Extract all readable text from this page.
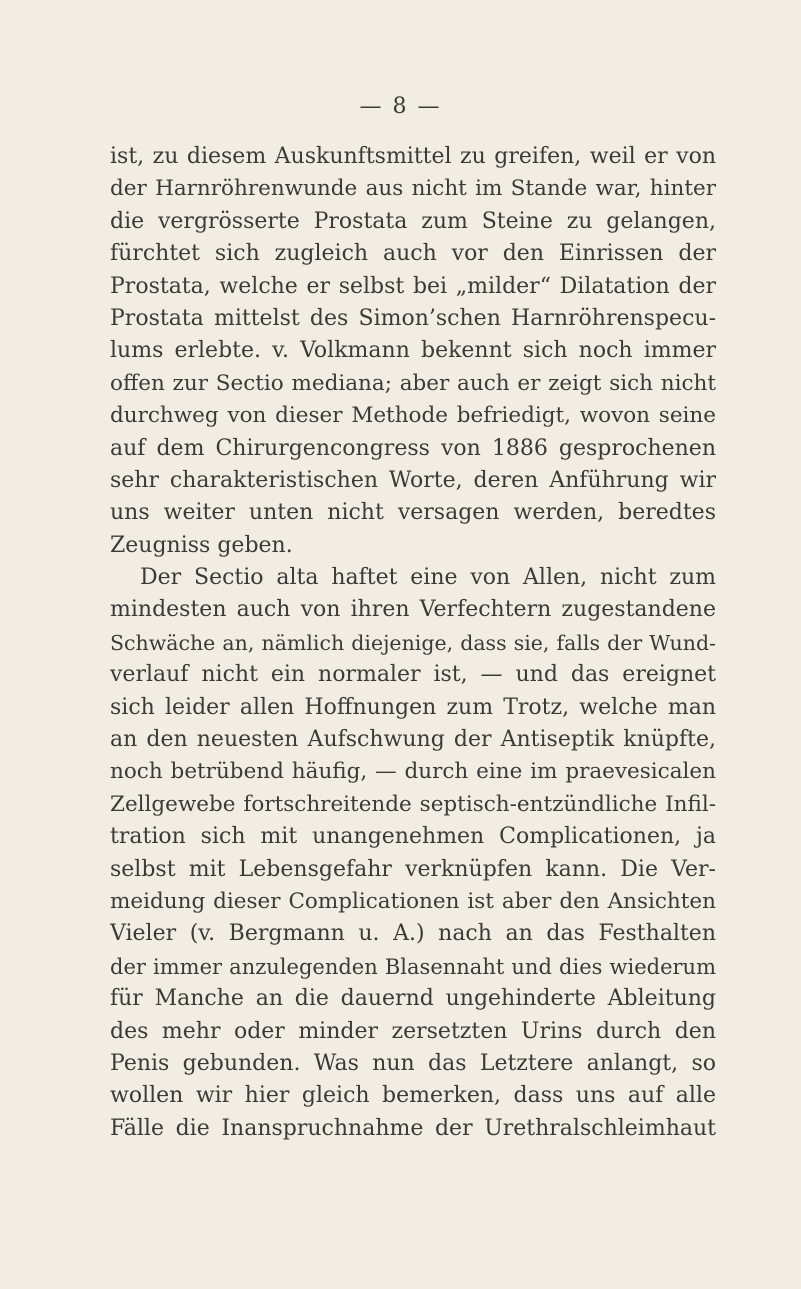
— 8 —
ist, zu diesem Auskunftsmittel zu greifen, weil er von
der Harnröhrenwunde aus nicht im Stande war, hinter
die vergrösserte Prostata zum Steine zu gelangen,
fürchtet sich zugleich auch vor den Einrissen der
Prostata, welche er selbst bei „milder“ Dilatation der
Prostata mittelst des Simon’schen Harnröhrenspecu-
lums erlebte. v. Volkmann bekennt sich noch immer
offen zur Sectio mediana; aber auch er zeigt sich nicht
durchweg von dieser Methode befriedigt, wovon seine
auf dem Chirurgencongress von 1886 gesprochenen
sehr charakteristischen Worte, deren Anführung wir
uns weiter unten nicht versagen werden, beredtes
Zeugniss geben.
Der Sectio alta haftet eine von Allen, nicht zum
mindesten auch von ihren Verfechtern zugestandene
Schwäche an, nämlich diejenige, dass sie, falls der Wund-
verlauf nicht ein normaler ist, — und das ereignet
sich leider allen Hoffnungen zum Trotz, welche man
an den neuesten Aufschwung der Antiseptik knüpfte,
noch betrübend häufig, — durch eine im praevesicalen
Zellgewebe fortschreitende septisch-entzündliche Infil-
tration sich mit unangenehmen Complicationen, ja
selbst mit Lebensgefahr verknüpfen kann. Die Ver-
meidung dieser Complicationen ist aber den Ansichten
Vieler (v. Bergmann u. A.) nach an das Festhalten
der immer anzulegenden Blasennaht und dies wiederum
für Manche an die dauernd ungehinderte Ableitung
des mehr oder minder zersetzten Urins durch den
Penis gebunden. Was nun das Letztere anlangt, so
wollen wir hier gleich bemerken, dass uns auf alle
Fälle die Inanspruchnahme der Urethralschleimhaut
